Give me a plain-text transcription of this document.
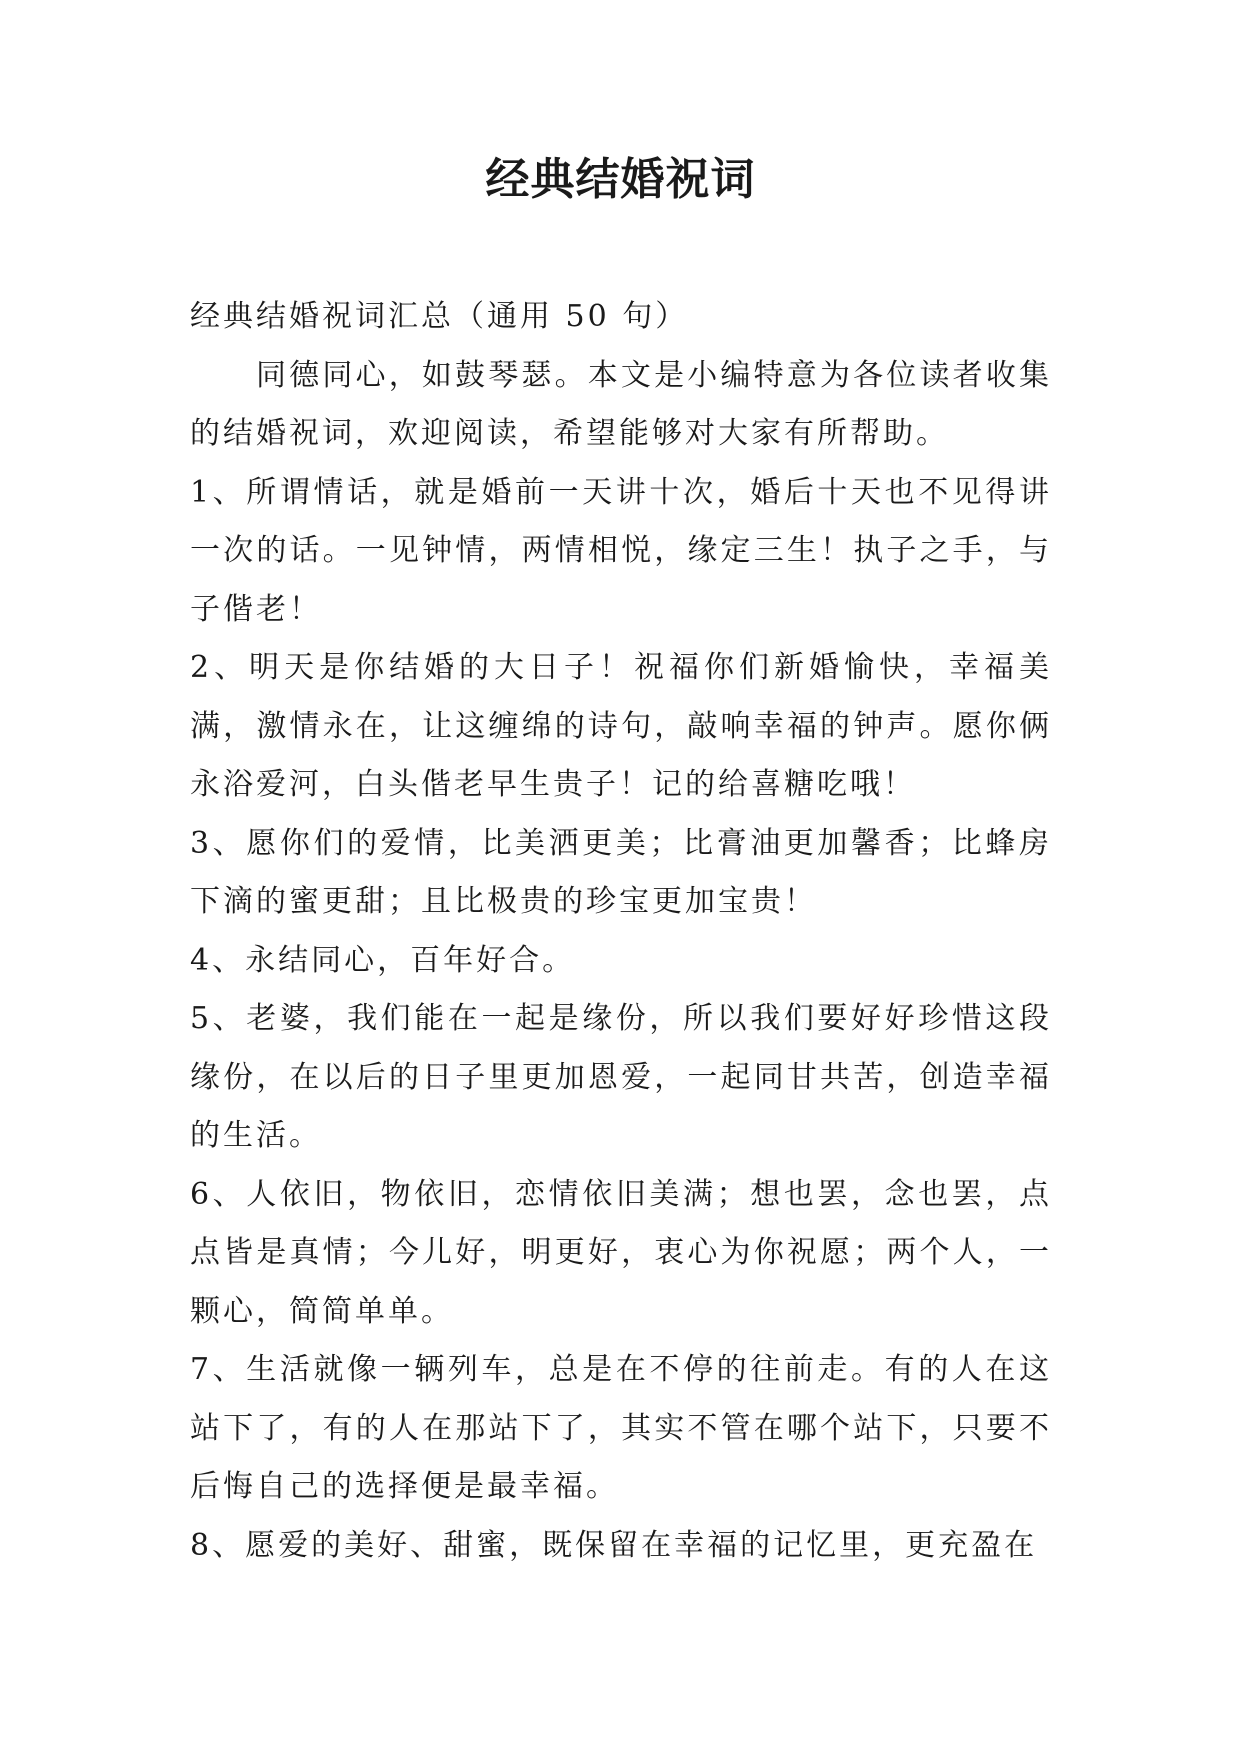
经典结婚祝词

经典结婚祝词汇总（通用 50 句）

同德同心，如鼓琴瑟。本文是小编特意为各位读者收集的结婚祝词，欢迎阅读，希望能够对大家有所帮助。

1、所谓情话，就是婚前一天讲十次，婚后十天也不见得讲一次的话。一见钟情，两情相悦，缘定三生！执子之手，与子偕老！

2、明天是你结婚的大日子！祝福你们新婚愉快，幸福美满，激情永在，让这缠绵的诗句，敲响幸福的钟声。愿你俩永浴爱河，白头偕老早生贵子！记的给喜糖吃哦！

3、愿你们的爱情，比美洒更美；比膏油更加馨香；比蜂房下滴的蜜更甜；且比极贵的珍宝更加宝贵！

4、永结同心，百年好合。

5、老婆，我们能在一起是缘份，所以我们要好好珍惜这段缘份，在以后的日子里更加恩爱，一起同甘共苦，创造幸福的生活。

6、人依旧，物依旧，恋情依旧美满；想也罢，念也罢，点点皆是真情；今儿好，明更好，衷心为你祝愿；两个人，一颗心，简简单单。

7、生活就像一辆列车，总是在不停的往前走。有的人在这站下了，有的人在那站下了，其实不管在哪个站下，只要不后悔自己的选择便是最幸福。

8、愿爱的美好、甜蜜，既保留在幸福的记忆里，更充盈在
